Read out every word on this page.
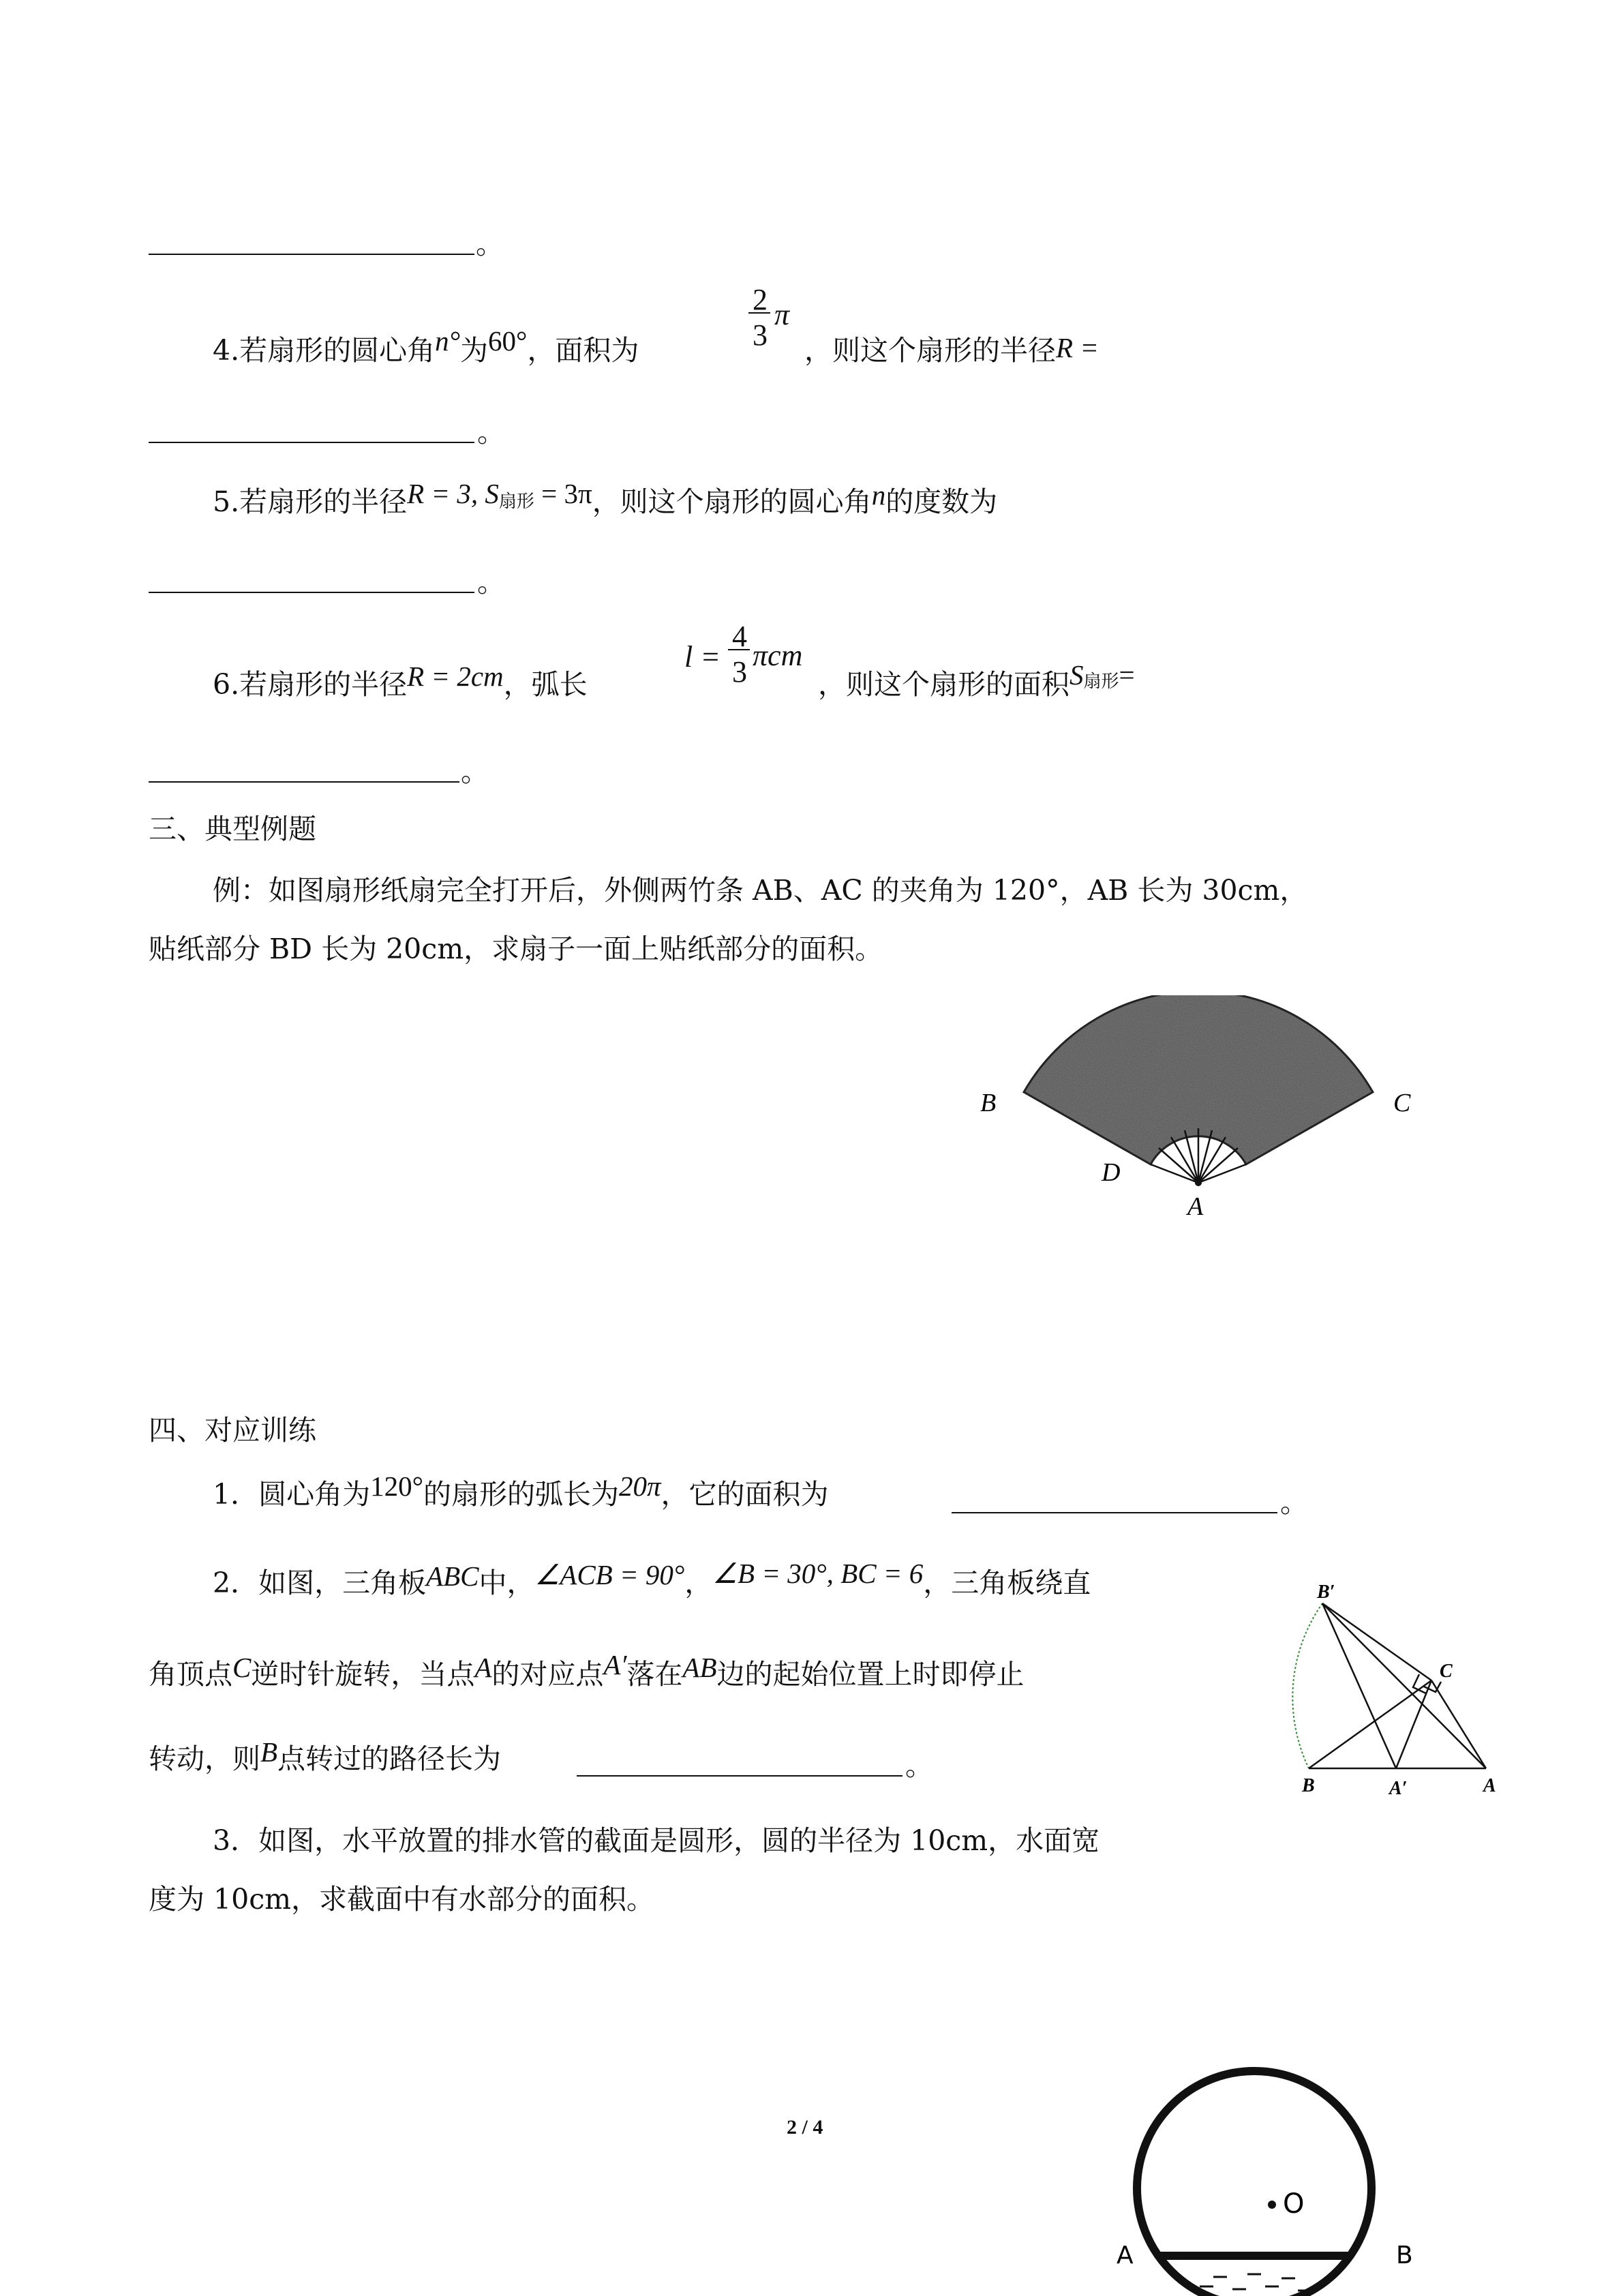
。
4.若扇形的圆心角n°为60°，面积为
2
3
π
，则这个扇形的半径R =
。
5.若扇形的半径R = 3, S扇形 = 3π，则这个扇形的圆心角n的度数为
。
6.若扇形的半径R = 2cm，弧长
l =
4
3 πcm
，则这个扇形的面积$S^{扇形}=$
。
三、典型例题
例：如图扇形纸扇完全打开后，外侧两竹条 AB、AC 的夹角为 120°，AB 长为 30cm，
贴纸部分 BD 长为 20cm，求扇子一面上贴纸部分的面积。
B	C
D
A
四、对应训练
1．圆心角为120°的扇形的弧长为20π，它的面积为	。
2．如图，三角板ABC中，∠ACB = 90°，∠B = 30°, BC = 6，三角板绕直
角顶点C逆时针旋转，当点A的对应点A′落在AB边的起始位置上时即停止
转动，则B点转过的路径长为	。
B′
C
B	A′	A
3．如图，水平放置的排水管的截面是圆形，圆的半径为 10cm，水面宽
度为 10cm，求截面中有水部分的面积。
O
A	B
2 / 4
